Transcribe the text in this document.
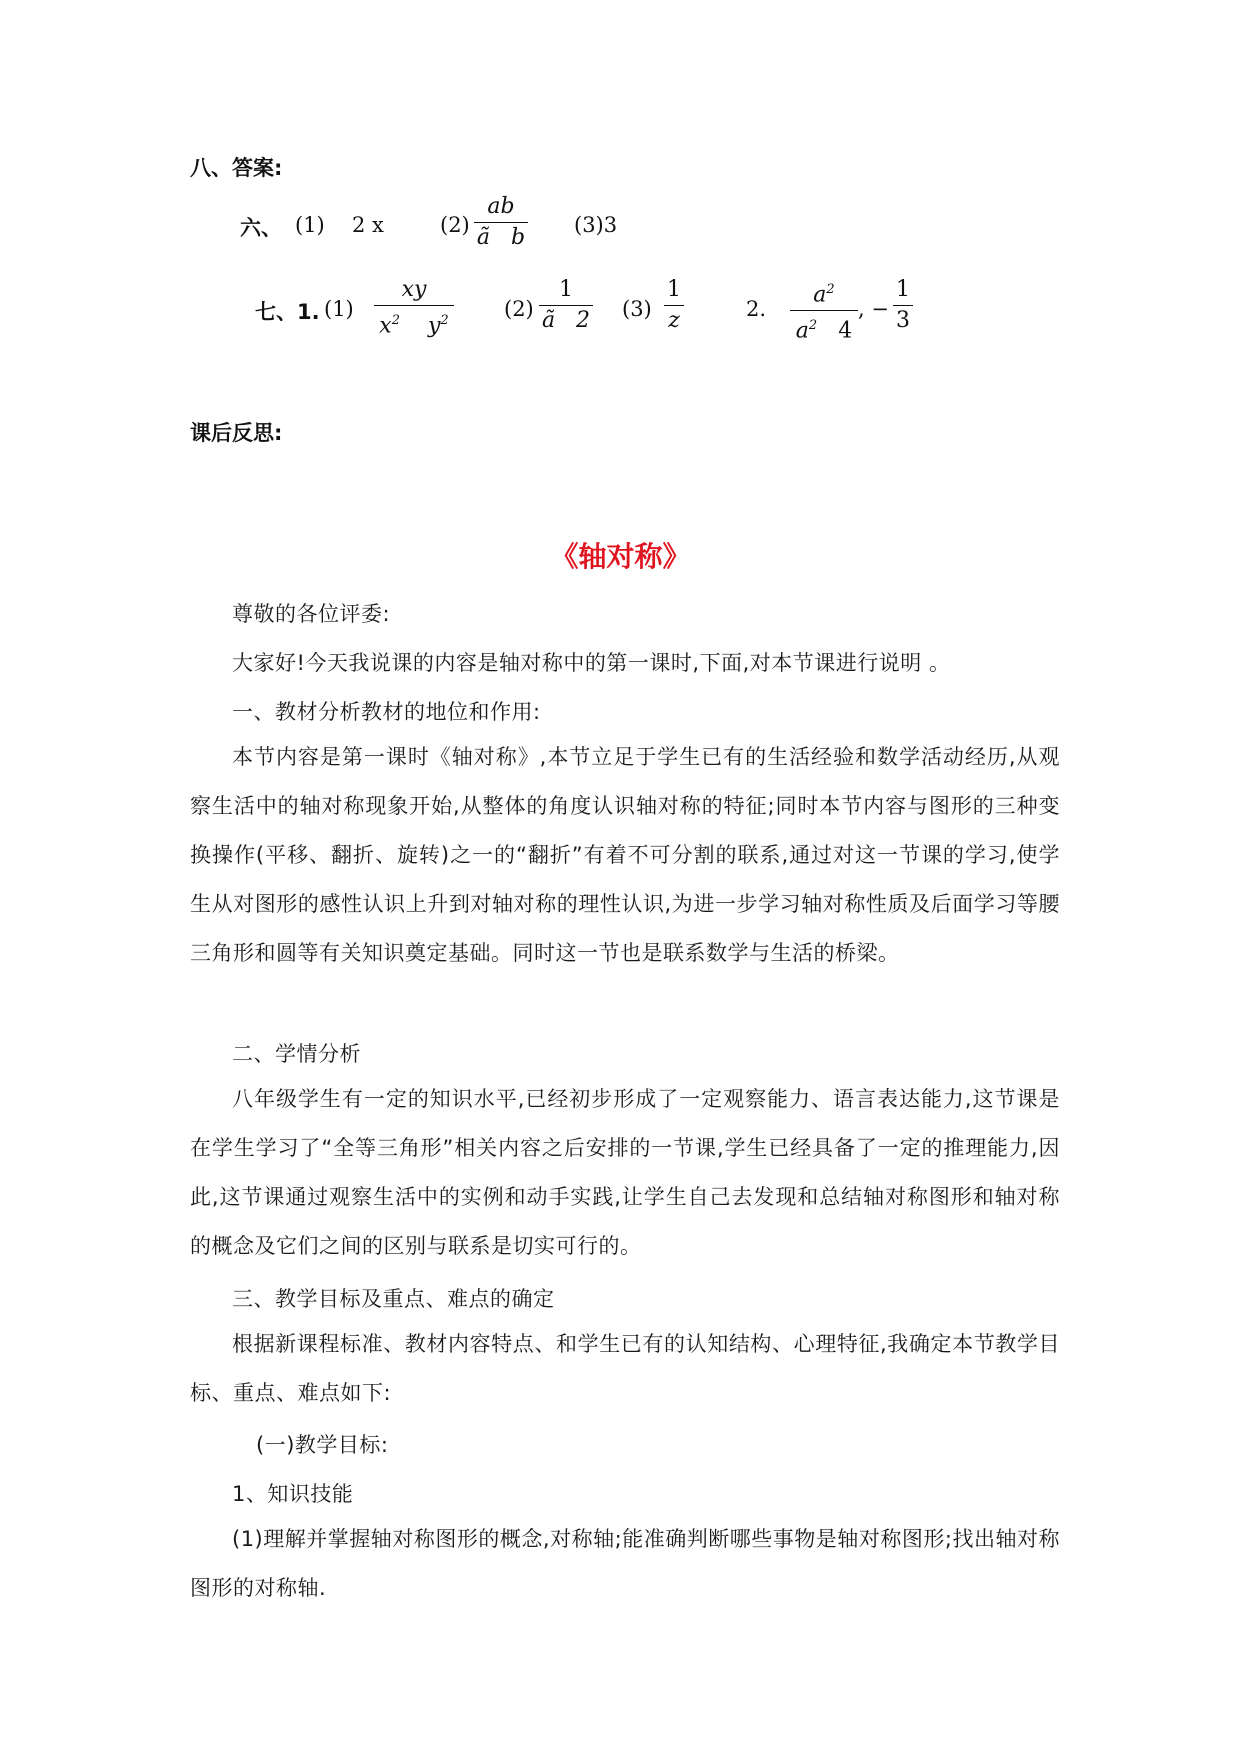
八、答案:
六、 (1) 2 x	(2)
ab
ã   b (3)3
七、1. (1)
xy
$x^2$ $y^2$	(2)
1
ã   2 (3)
1
z	2.
$a^2$
$a^2$ 4
, −
1
3
课后反思:
《轴对称》
尊敬的各位评委:
大家好!今天我说课的内容是轴对称中的第一课时,下面,对本节课进行说明 。
一、教材分析教材的地位和作用:
本节内容是第一课时《轴对称》,本节立足于学生已有的生活经验和数学活动经历,从观察生活中的轴对称现象开始,从整体的角度认识轴对称的特征;同时本节内容与图形的三种变换操作(平移、翻折、旋转)之一的“翻折”有着不可分割的联系,通过对这一节课的学习,使学生从对图形的感性认识上升到对轴对称的理性认识,为进一步学习轴对称性质及后面学习等腰三角形和圆等有关知识奠定基础。同时这一节也是联系数学与生活的桥梁。
二、学情分析
八年级学生有一定的知识水平,已经初步形成了一定观察能力、语言表达能力,这节课是在学生学习了“全等三角形”相关内容之后安排的一节课,学生已经具备了一定的推理能力,因此,这节课通过观察生活中的实例和动手实践,让学生自己去发现和总结轴对称图形和轴对称的概念及它们之间的区别与联系是切实可行的。
三、教学目标及重点、难点的确定
根据新课程标准、教材内容特点、和学生已有的认知结构、心理特征,我确定本节教学目标、重点、难点如下:
(一)教学目标:
1、知识技能
(1)理解并掌握轴对称图形的概念,对称轴;能准确判断哪些事物是轴对称图形;找出轴对称图形的对称轴.
